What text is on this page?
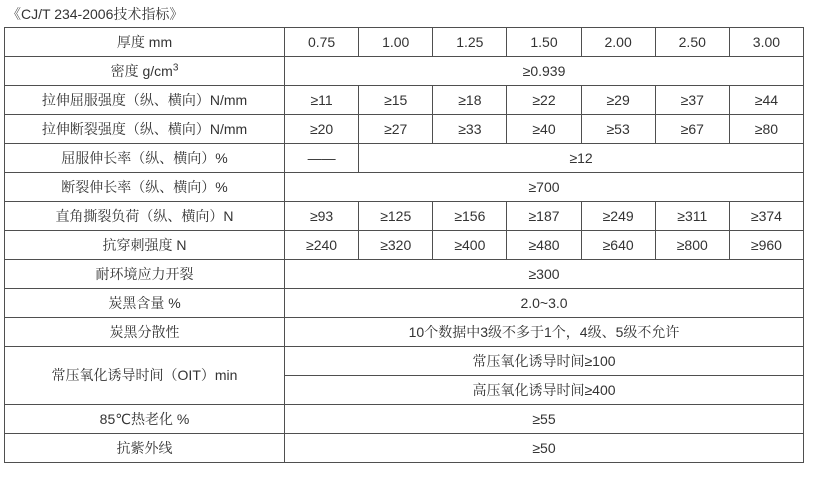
《CJ/T 234-2006技术指标》
厚度 mm	0.75	1.00	1.25	1.50	2.00	2.50	3.00
密度 $g/cm^3$	≥0.939						
拉伸屈服强度（纵、横向）N/mm	≥11	≥15	≥18	≥22	≥29	≥37	≥44
拉伸断裂强度（纵、横向）N/mm	≥20	≥27	≥33	≥40	≥53	≥67	≥80
屈服伸长率（纵、横向）%	——	≥12					
断裂伸长率（纵、横向）%	≥700						
直角撕裂负荷（纵、横向）N	≥93	≥125	≥156	≥187	≥249	≥311	≥374
抗穿刺强度 N	≥240	≥320	≥400	≥480	≥640	≥800	≥960
耐环境应力开裂	≥300						
炭黑含量 %	2.0~3.0						
炭黑分散性	10个数据中3级不多于1个，4级、5级不允许						
常压氧化诱导时间（OIT）min	常压氧化诱导时间≥100						
	高压氧化诱导时间≥400						
85℃热老化 %	≥55						
抗紫外线	≥50						
